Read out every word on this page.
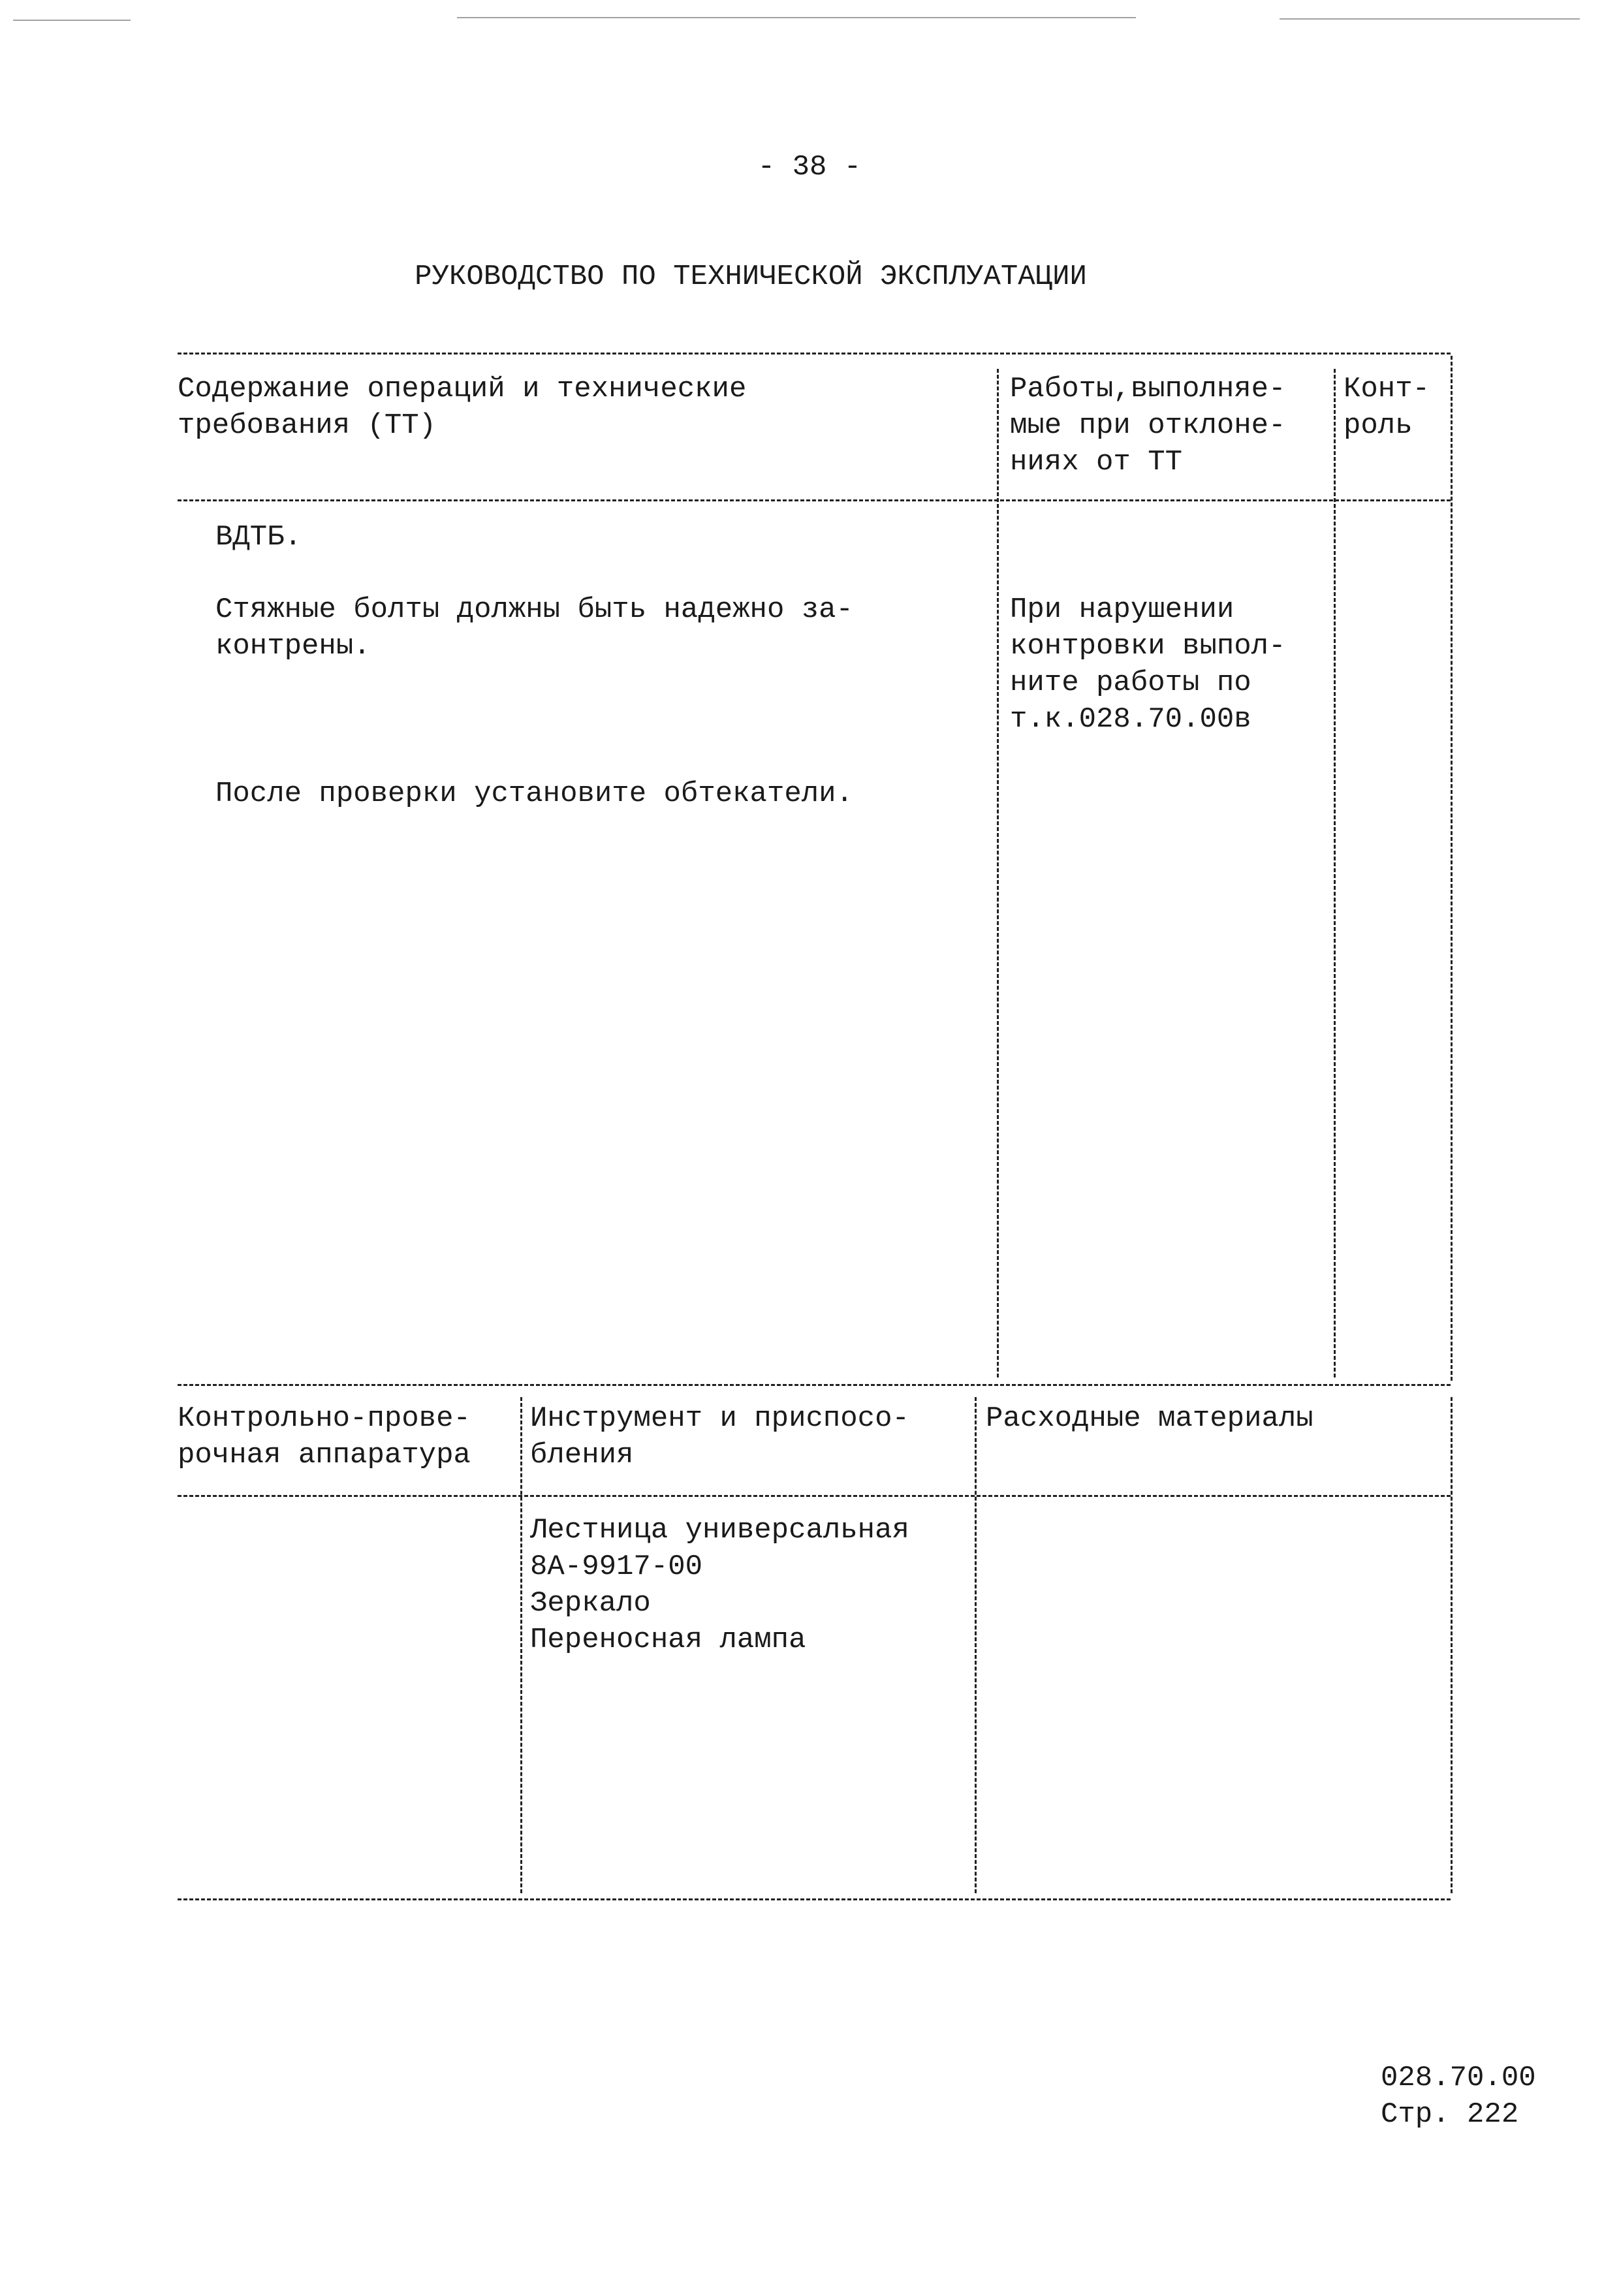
- 38 -
РУКОВОДСТВО ПО ТЕХНИЧЕСКОЙ ЭКСПЛУАТАЦИИ
Содержание операций и технические
требования (ТТ)
Работы,выполняе-
мые при отклоне-
ниях от ТТ
Конт-
роль
ВДТБ.
Стяжные болты должны быть надежно за-
контрены.
При нарушении
контровки выпол-
ните работы по
т.к.028.70.00в
После проверки установите обтекатели.
Контрольно-прове-
рочная аппаратура
Инструмент и приспосо-
бления
Расходные материалы
Лестница универсальная
8А-9917-00
Зеркало
Переносная лампа
028.70.00
Стр. 222
